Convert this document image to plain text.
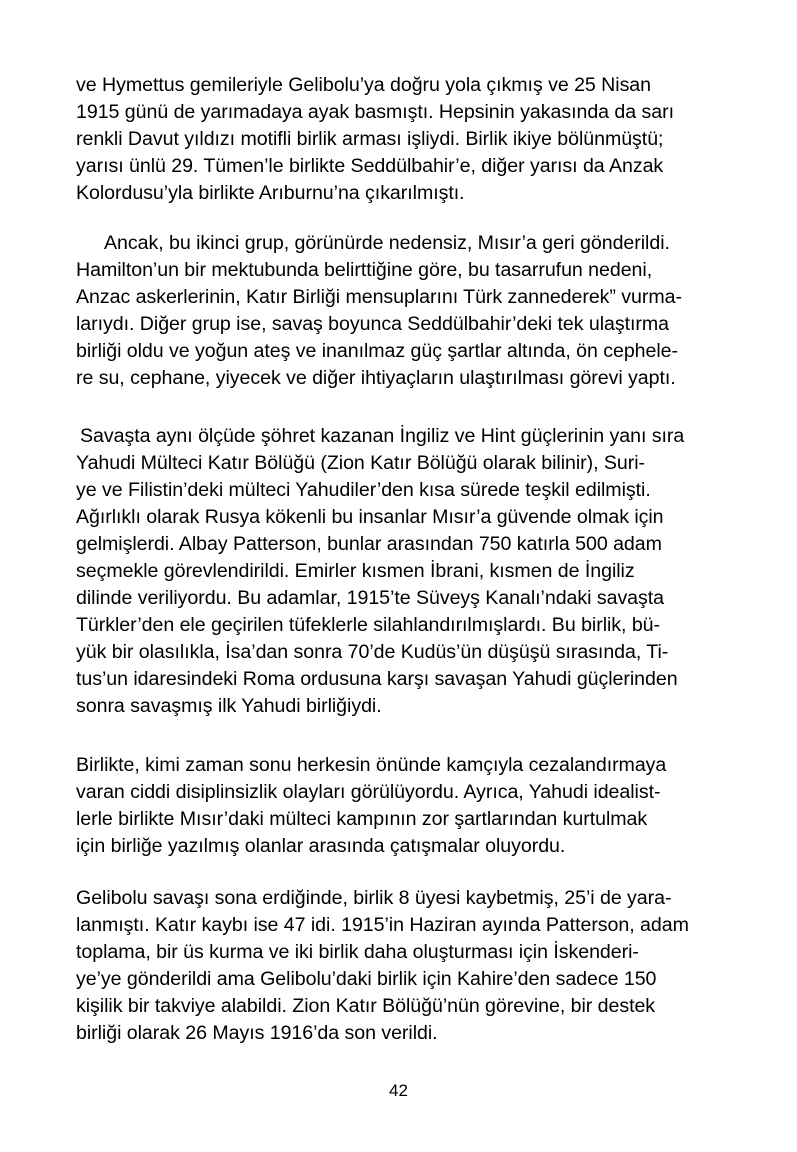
ve Hymettus gemileriyle Gelibolu’ya doğru yola çıkmış ve 25 Nisan
1915 günü de yarımadaya ayak basmıştı. Hepsinin yakasında da sarı
renkli Davut yıldızı motifli birlik arması işliydi. Birlik ikiye bölünmüştü;
yarısı ünlü 29. Tümen’le birlikte Seddülbahir’e, diğer yarısı da Anzak
Kolordusu’yla birlikte Arıburnu’na çıkarılmıştı.
Ancak, bu ikinci grup, görünürde nedensiz, Mısır’a geri gönderildi.
Hamilton’un bir mektubunda belirttiğine göre, bu tasarrufun nedeni,
Anzac askerlerinin, Katır Birliği mensuplarını Türk zannederek” vurma-
larıydı. Diğer grup ise, savaş boyunca Seddülbahir’deki tek ulaştırma
birliği oldu ve yoğun ateş ve inanılmaz güç şartlar altında, ön cephele-
re su, cephane, yiyecek ve diğer ihtiyaçların ulaştırılması görevi yaptı.
Savaşta aynı ölçüde şöhret kazanan İngiliz ve Hint güçlerinin yanı sıra
Yahudi Mülteci Katır Bölüğü (Zion Katır Bölüğü olarak bilinir), Suri-
ye ve Filistin’deki mülteci Yahudiler’den kısa sürede teşkil edilmişti.
Ağırlıklı olarak Rusya kökenli bu insanlar Mısır’a güvende olmak için
gelmişlerdi. Albay Patterson, bunlar arasından 750 katırla 500 adam
seçmekle görevlendirildi. Emirler kısmen İbrani, kısmen de İngiliz
dilinde veriliyordu. Bu adamlar, 1915’te Süveyş Kanalı’ndaki savaşta
Türkler’den ele geçirilen tüfeklerle silahlandırılmışlardı. Bu birlik, bü-
yük bir olasılıkla, İsa’dan sonra 70’de Kudüs’ün düşüşü sırasında, Ti-
tus’un idaresindeki Roma ordusuna karşı savaşan Yahudi güçlerinden
sonra savaşmış ilk Yahudi birliğiydi.
Birlikte, kimi zaman sonu herkesin önünde kamçıyla cezalandırmaya
varan ciddi disiplinsizlik olayları görülüyordu. Ayrıca, Yahudi idealist-
lerle birlikte Mısır’daki mülteci kampının zor şartlarından kurtulmak
için birliğe yazılmış olanlar arasında çatışmalar oluyordu.
Gelibolu savaşı sona erdiğinde, birlik 8 üyesi kaybetmiş, 25’i de yara-
lanmıştı. Katır kaybı ise 47 idi. 1915’in Haziran ayında Patterson, adam
toplama, bir üs kurma ve iki birlik daha oluşturması için İskenderi-
ye’ye gönderildi ama Gelibolu’daki birlik için Kahire’den sadece 150
kişilik bir takviye alabildi. Zion Katır Bölüğü’nün görevine, bir destek
birliği olarak 26 Mayıs 1916’da son verildi.
42
